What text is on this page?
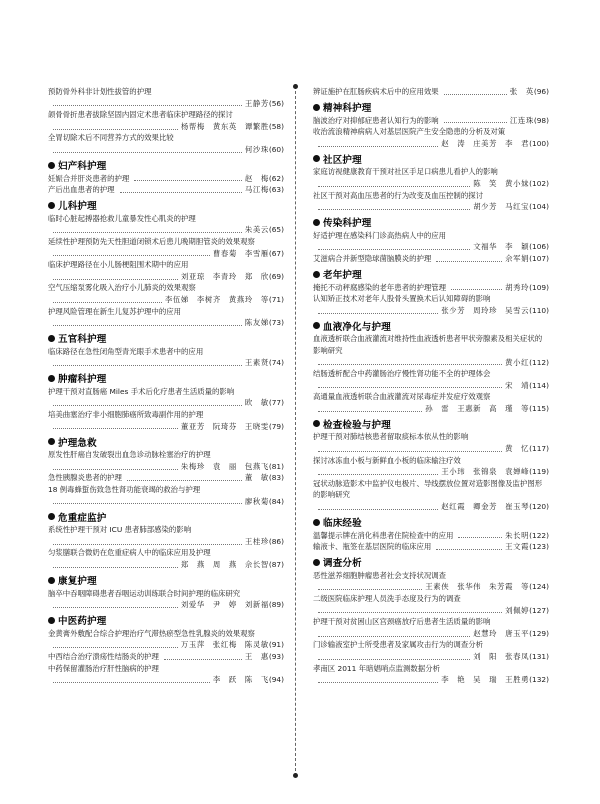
预防骨外科非计划性拔管的护理
王静芳 (56)
颌骨骨折患者拔除坚固内固定术患者临床护理路径的探讨
杨帮梅　黄东英　谭繁胜 (58)
全胃切除术后不同营养方式的效果比较
何沙珠 (60)
妇产科护理
妊娠合并肝炎患者的护理	赵　梅 (62)
产后出血患者的护理	马江梅 (63)
儿科护理
临时心脏起搏器抢救儿童暴发性心肌炎的护理
朱美云 (65)
延续性护理预防先天性胆道闭锁术后患儿晚期胆管炎的效果观察
曹春菊　李雪雁 (67)
临床护理路径在小儿肠梗阻围术期中的应用
刘亚琼　李青玲　郑　欣 (69)
空气压缩泵雾化吸入治疗小儿肺炎的效果观察
李伍娣　李树齐　黄燕玲　等 (71)
护理风险管理在新生儿复苏护理中的应用
陈友娣 (73)
五官科护理
临床路径在急性闭角型青光眼手术患者中的应用
王素贤 (74)
肿瘤科护理
护理干预对直肠癌 Miles 手术后化疗患者生活质量的影响
欧　敏 (77)
培美曲塞治疗非小细胞肺癌所致毒副作用的护理
董亚芳　阮琦芬　王晓雯 (79)
护理急救
原发性肝癌自发破裂出血急诊动脉栓塞治疗的护理
朱梅珍　袁　丽　包燕飞 (81)
急性胰腺炎患者的护理	董　敏 (83)
18 例毒蜂蜇伤致急性肾功能衰竭的救治与护理
廖秋菊 (84)
危重症监护
系统性护理干预对 ICU 患者肺部感染的影响
王桂珍 (86)
匀浆膳联合微奶在危重症病人中的临床应用及护理
郑　燕　周　燕　佘长智 (87)
康复护理
脑卒中吞咽障碍患者吞咽运动训练联合时间护理的临床研究
刘爱华　尹　婷　刘新福 (89)
中医药护理
金黄膏外敷配合综合护理治疗气滞热瘀型急性乳腺炎的效果观察
万玉萍　张红梅　陈灵敏 (91)
中西结合治疗溃疡性结肠炎的护理	王　惠 (93)
中药保留灌肠治疗肝性脑病的护理
李　跃　陈　飞 (94)
辨证施护在肛肠疾病术后中的应用效果	张　英 (96)
精神科护理
脑波治疗对抑郁症患者认知行为的影响	江连珠 (98)
收治流浪精神病病人对基层医院产生安全隐患的分析及对策
赵　涛　庄美芳　李　君 (100)
社区护理
家庭访视健康教育干预对社区手足口病患儿看护人的影响
陈　笑　黄小妹 (102)
社区干预对高血压患者的行为改变及血压控制的探讨
胡少芳　马红宝 (104)
传染科护理
好适护理在感染科门诊高热病人中的应用
文福华　李　颖 (106)
艾滋病合并新型隐球菌脑膜炎的护理	佘军娟 (107)
老年护理
掩托不动秤腐感染的老年患者的护理管理	胡秀玲 (109)
认知矫正技术对老年人股骨头置换术后认知障碍的影响
张少芳　周玲珍　吴雪云 (110)
血液净化与护理
血液透析联合血液灌流对维持性血液透析患者甲状旁腺素及相关症状的影响研究
黄小红 (112)
结肠透析配合中药灌肠治疗慢性肾功能不全的护理体会
宋　靖 (114)
高通量血液透析联合血液灌流对尿毒症并发症疗效观察
孙　雷　王惠新　高　瑾　等 (115)
检查检验与护理
护理干预对肺结核患者留取痰标本依从性的影响
黄　忆 (117)
探讨冰冻血小板与新鲜血小板的临床输注疗效
王小玮　张锦泉　袁婵峰 (119)
冠状动脉造影术中监护仪电极片、导线摆放位置对造影图像及监护图形的影响研究
赵红霞　卿金芳　崔玉琴 (120)
临床经验
温馨提示牌在消化科患者住院检查中的应用	朱长明 (122)
输液卡、瓶签在基层医院的临床应用	王文霞 (123)
调查分析
恶性滋养细胞肿瘤患者社会支持状况调查
王素侠　张华伟　朱芳霞　等 (124)
二级医院临床护理人员洗手态度及行为的调查
刘佩婷 (127)
护理干预对贫困山区宫颈癌放疗后患者生活质量的影响
赵慧玲　唐玉平 (129)
门诊输液室护士所受患者及家属攻击行为的调查分析
刘　阳　张春凤 (131)
孝南区 2011 年暗娼哨点监测数据分析
李　艳　吴　瑞　王胜勇 (132)
